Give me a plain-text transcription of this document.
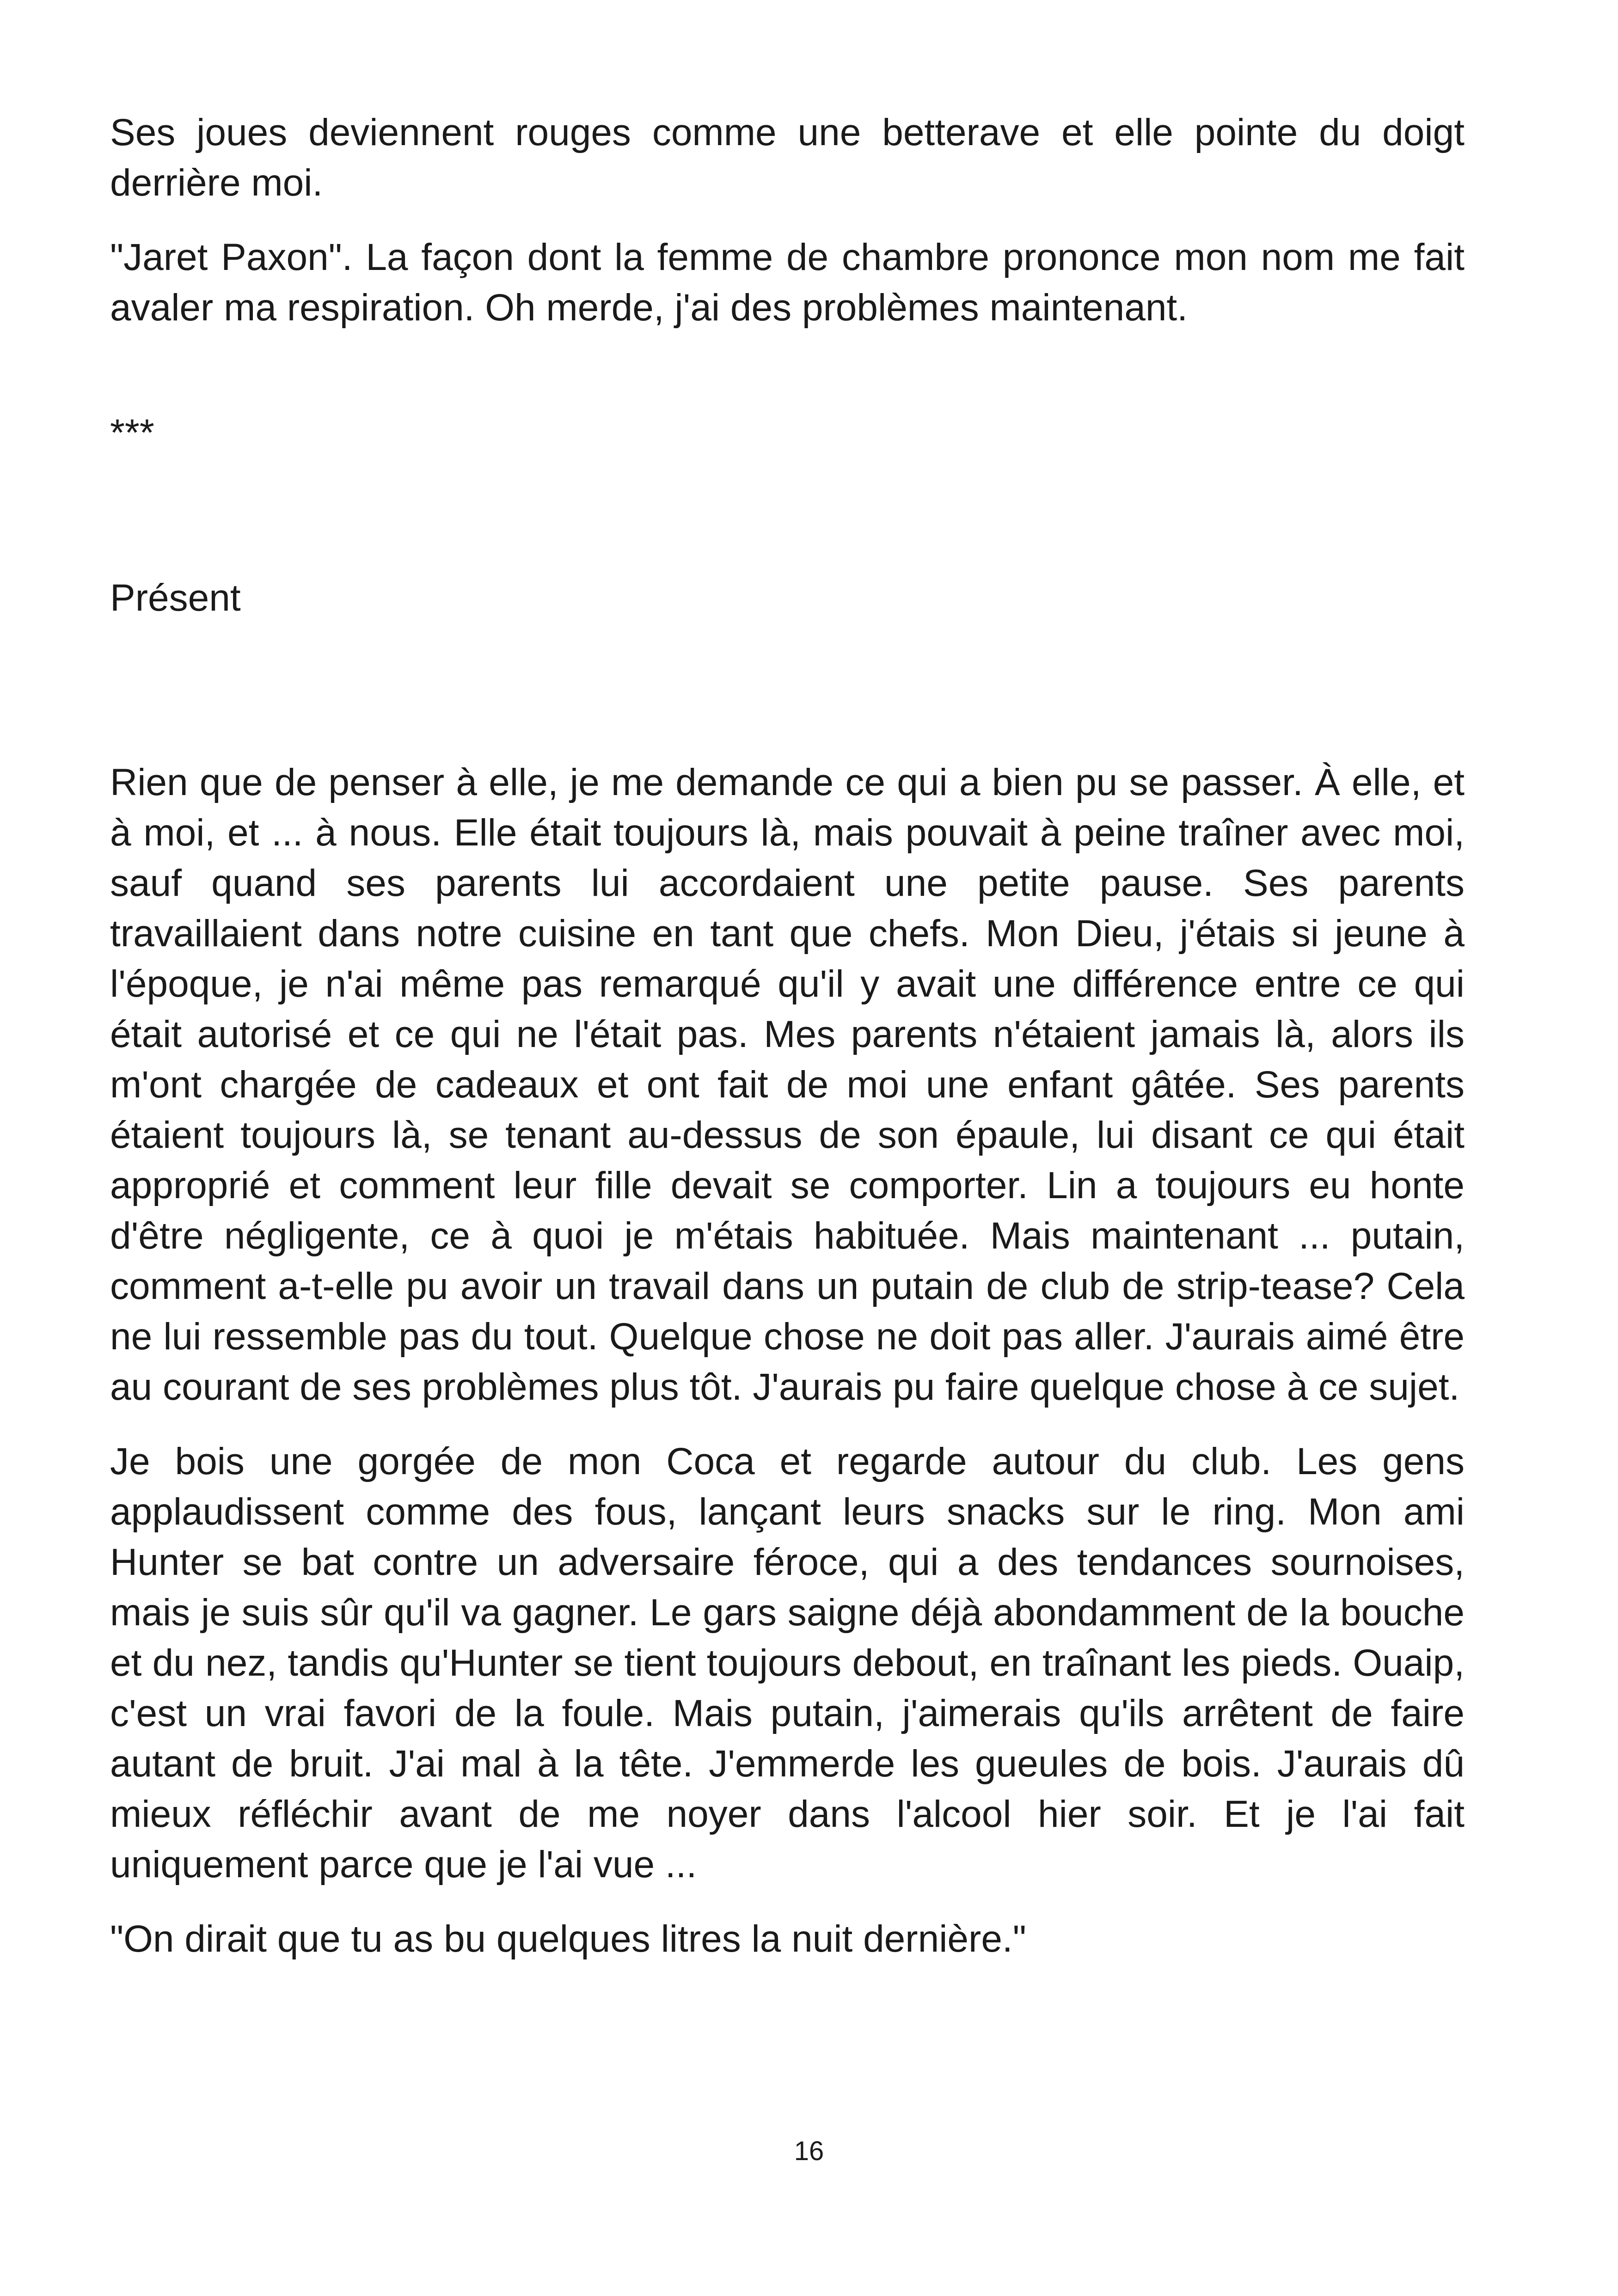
Ses joues deviennent rouges comme une betterave et elle pointe du doigt derrière moi.

"Jaret Paxon". La façon dont la femme de chambre prononce mon nom me fait avaler ma respiration. Oh merde, j'ai des problèmes maintenant.

***

Présent

Rien que de penser à elle, je me demande ce qui a bien pu se passer. À elle, et à moi, et ... à nous. Elle était toujours là, mais pouvait à peine traîner avec moi, sauf quand ses parents lui accordaient une petite pause. Ses parents travaillaient dans notre cuisine en tant que chefs. Mon Dieu, j'étais si jeune à l'époque, je n'ai même pas remarqué qu'il y avait une différence entre ce qui était autorisé et ce qui ne l'était pas. Mes parents n'étaient jamais là, alors ils m'ont chargée de cadeaux et ont fait de moi une enfant gâtée. Ses parents étaient toujours là, se tenant au-dessus de son épaule, lui disant ce qui était approprié et comment leur fille devait se comporter. Lin a toujours eu honte d'être négligente, ce à quoi je m'étais habituée. Mais maintenant ... putain, comment a-t-elle pu avoir un travail dans un putain de club de strip-tease? Cela ne lui ressemble pas du tout. Quelque chose ne doit pas aller. J'aurais aimé être au courant de ses problèmes plus tôt. J'aurais pu faire quelque chose à ce sujet.

Je bois une gorgée de mon Coca et regarde autour du club. Les gens applaudissent comme des fous, lançant leurs snacks sur le ring. Mon ami Hunter se bat contre un adversaire féroce, qui a des tendances sournoises, mais je suis sûr qu'il va gagner. Le gars saigne déjà abondamment de la bouche et du nez, tandis qu'Hunter se tient toujours debout, en traînant les pieds. Ouaip, c'est un vrai favori de la foule. Mais putain, j'aimerais qu'ils arrêtent de faire autant de bruit. J'ai mal à la tête. J'emmerde les gueules de bois. J'aurais dû mieux réfléchir avant de me noyer dans l'alcool hier soir. Et je l'ai fait uniquement parce que je l'ai vue ...

"On dirait que tu as bu quelques litres la nuit dernière."

16
